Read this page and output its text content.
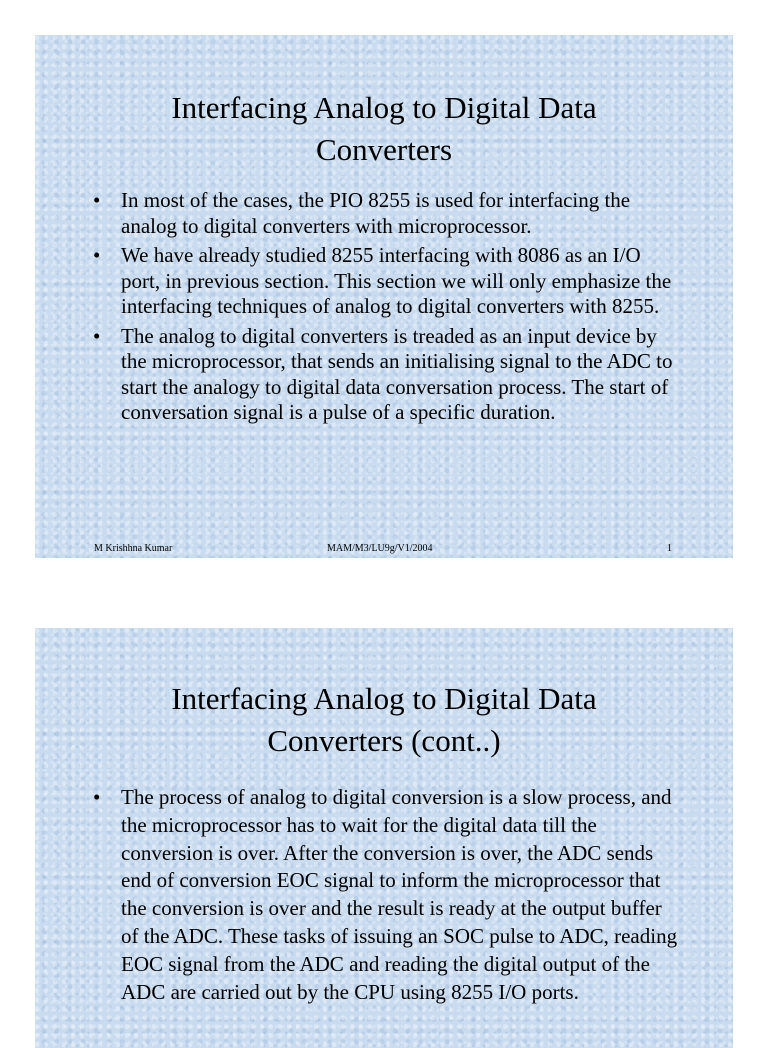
Interfacing Analog to Digital Data
Converters
• In most of the cases, the PIO 8255 is used for interfacing the analog to digital converters with microprocessor.
• We have already studied 8255 interfacing with 8086 as an I/O port, in previous section. This section we will only emphasize the interfacing techniques of analog to digital converters with 8255.
• The analog to digital converters is treaded as an input device by the microprocessor, that sends an initialising signal to the ADC to start the analogy to digital data conversation process. The start of conversation signal is a pulse of a specific duration.
M Krishhna Kumar	MAM/M3/LU9g/V1/2004	1
Interfacing Analog to Digital Data
Converters (cont..)
• The process of analog to digital conversion is a slow process, and the microprocessor has to wait for the digital data till the conversion is over. After the conversion is over, the ADC sends end of conversion EOC signal to inform the microprocessor that the conversion is over and the result is ready at the output buffer of the ADC. These tasks of issuing an SOC pulse to ADC, reading EOC signal from the ADC and reading the digital output of the ADC are carried out by the CPU using 8255 I/O ports.
